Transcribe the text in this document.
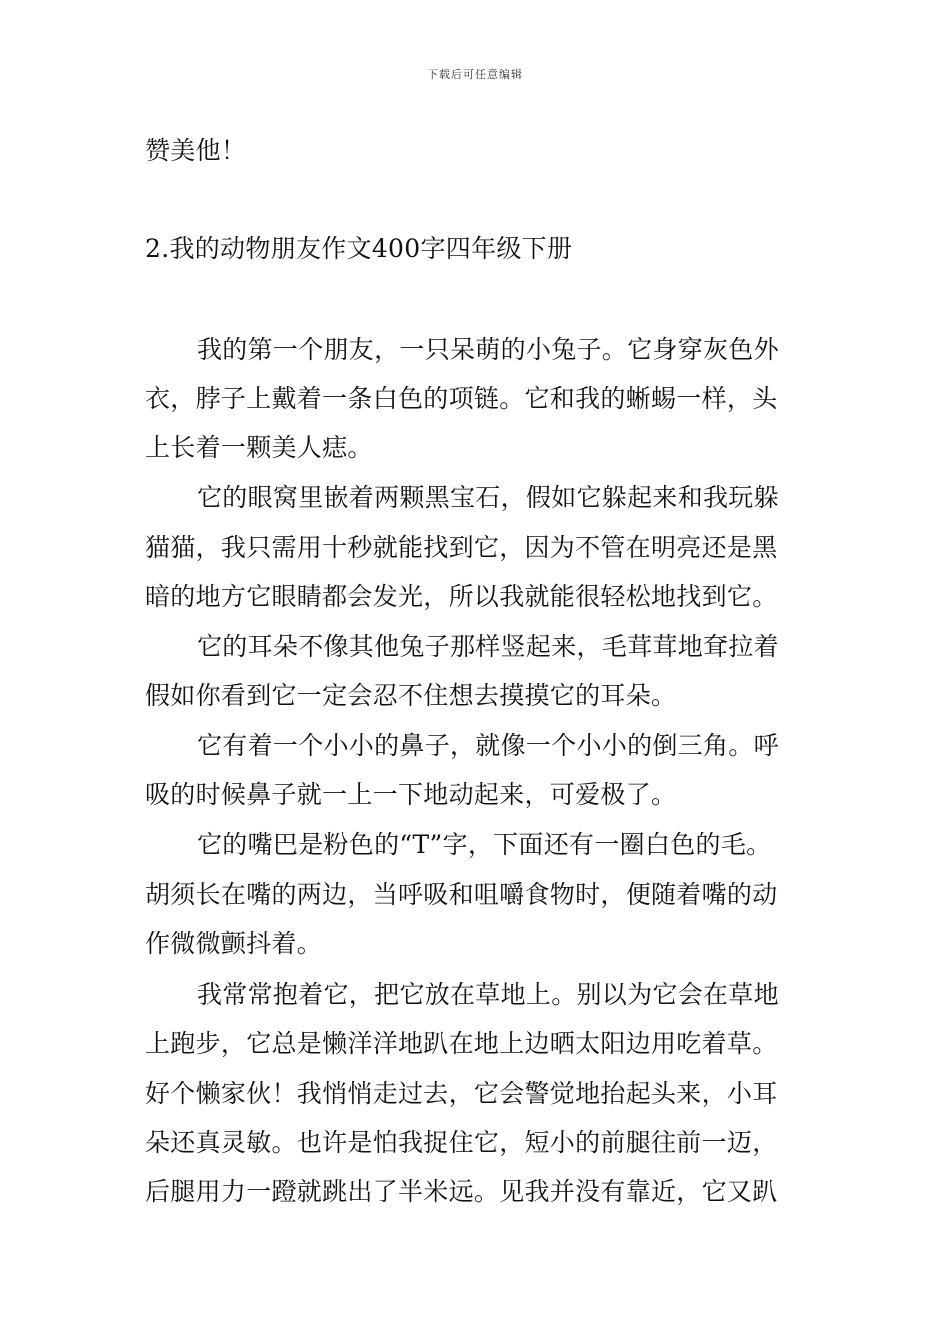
下载后可任意编辑
赞美他！
2.我的动物朋友作文400字四年级下册
我的第一个朋友，一只呆萌的小兔子。它身穿灰色外
衣，脖子上戴着一条白色的项链。它和我的蜥蜴一样，头
上长着一颗美人痣。
它的眼窝里嵌着两颗黑宝石，假如它躲起来和我玩躲
猫猫，我只需用十秒就能找到它，因为不管在明亮还是黑
暗的地方它眼睛都会发光，所以我就能很轻松地找到它。
它的耳朵不像其他兔子那样竖起来，毛茸茸地耷拉着
假如你看到它一定会忍不住想去摸摸它的耳朵。
它有着一个小小的鼻子，就像一个小小的倒三角。呼
吸的时候鼻子就一上一下地动起来，可爱极了。
它的嘴巴是粉色的“T”字，下面还有一圈白色的毛。
胡须长在嘴的两边，当呼吸和咀嚼食物时，便随着嘴的动
作微微颤抖着。
我常常抱着它，把它放在草地上。别以为它会在草地
上跑步，它总是懒洋洋地趴在地上边晒太阳边用吃着草。
好个懒家伙！我悄悄走过去，它会警觉地抬起头来，小耳
朵还真灵敏。也许是怕我捉住它，短小的前腿往前一迈，
后腿用力一蹬就跳出了半米远。见我并没有靠近，它又趴
